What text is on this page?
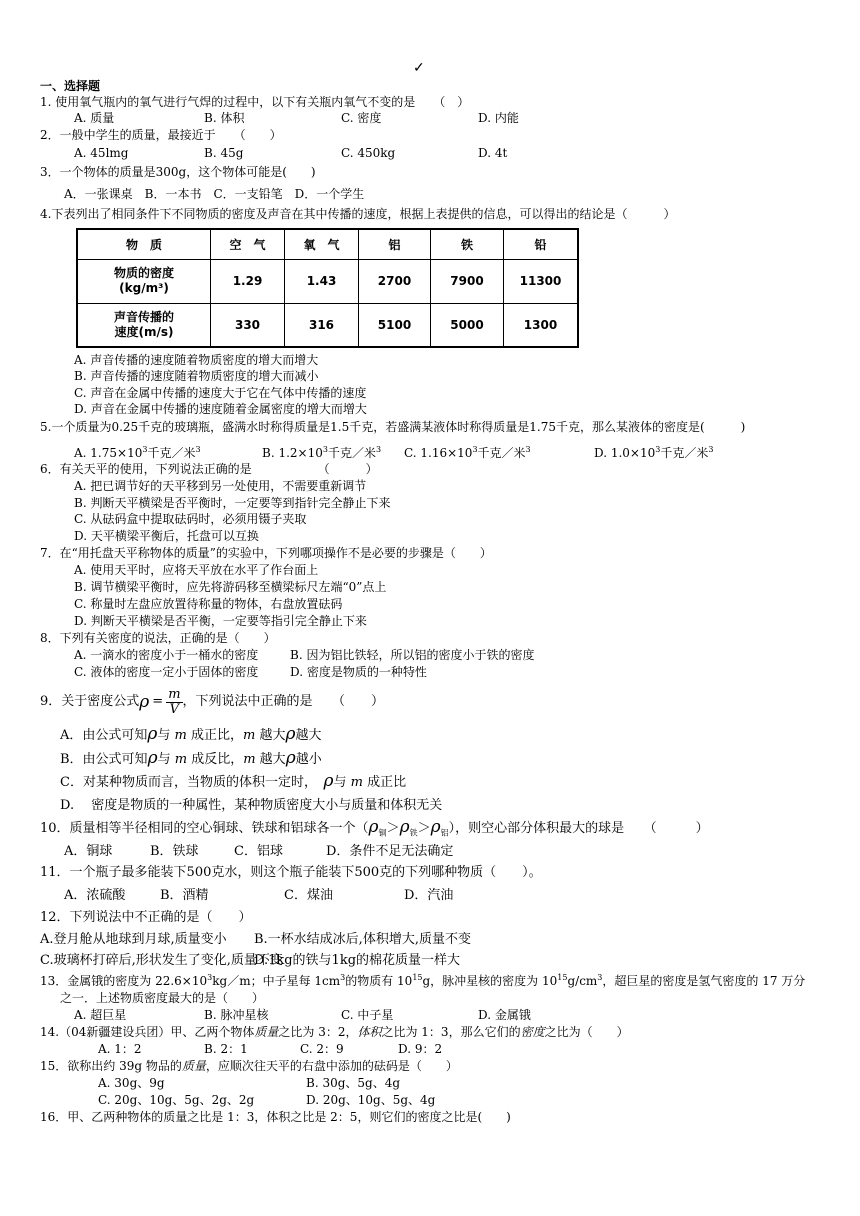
✓
一、选择题
1. 使用氧气瓶内的氧气进行气焊的过程中，以下有关瓶内氧气不变的是　　（　）
A. 质量	B. 体积	C. 密度	D. 内能
2．一般中学生的质量，最接近于　　（　　）
A. 45lmg	B. 45g	C. 450kg	D. 4t
3．一个物体的质量是300g，这个物体可能是(　　)
A．一张课桌　B．一本书　C．一支铅笔　D．一个学生
4.下表列出了相同条件下不同物质的密度及声音在其中传播的速度，根据上表提供的信息，可以得出的结论是（　　　）
物　质	空　气	氧　气	铝	铁	铅
物质的密度
(kg/m³)	1.29	1.43	2700	7900	11300
声音传播的
速度(m/s)	330	316	5100	5000	1300
A. 声音传播的速度随着物质密度的增大而增大
B. 声音传播的速度随着物质密度的增大而减小
C. 声音在金属中传播的速度大于它在气体中传播的速度
D. 声音在金属中传播的速度随着金属密度的增大而增大
5.一个质量为0.25千克的玻璃瓶，盛满水时称得质量是1.5千克，若盛满某液体时称得质量是1.75千克，那么某液体的密度是(　　　)
A. $1.75\times 10^3$千克／米$^3$	B. $1.2\times 10^3$千克／米$^3$ C. $1.16\times 10^3$千克／米$^3$	D. $1.0\times 10^3$千克／米$^3$
6．有关天平的使用，下列说法正确的是　　　　　　（　　　）
A. 把已调节好的天平移到另一处使用，不需要重新调节
B. 判断天平横梁是否平衡时，一定要等到指针完全静止下来
C. 从砝码盒中提取砝码时，必须用镊子夹取
D. 天平横梁平衡后，托盘可以互换
7．在“用托盘天平称物体的质量”的实验中，下列哪项操作不是必要的步骤是（　　）
A. 使用天平时，应将天平放在水平了作台面上
B. 调节横梁平衡时，应先将游码移至横梁标尺左端“0”点上
C. 称量时左盘应放置待称量的物体，右盘放置砝码
D. 判断天平横梁是否平衡，一定要等指引完全静止下来
8．下列有关密度的说法，正确的是（　　）
A. 一滴水的密度小于一桶水的密度	B. 因为铝比铁轻，所以铝的密度小于铁的密度
C. 液体的密度一定小于固体的密度	D. 密度是物质的一种特性
9．关于密度公式 $\rho = \frac{m}{V}$ ，下列说法中正确的是　　（　　）
A．由公式可知ρ与 m 成正比，m 越大ρ越大
B．由公式可知ρ与 m 成反比，m 越大ρ越小
C．对某种物质而言，当物质的体积一定时，　 ρ与 m 成正比
D.　 密度是物质的一种属性，某种物质密度大小与质量和体积无关
10．质量相等半径相同的空心铜球、铁球和铝球各一个$(\rho_铜>\rho_铁>\rho_铝)$，则空心部分体积最大的球是　　（　　　）
A．铜球	B．铁球	C．铝球	D．条件不足无法确定
11．一个瓶子最多能装下500克水，则这个瓶子能装下500克的下列哪种物质（　　）。
A．浓硫酸	B．酒精	C．煤油	D．汽油
12．下列说法中不正确的是（　　）
A.登月舱从地球到月球,质量变小 B.一杯水结成冰后,体积增大,质量不变
C.玻璃杯打碎后,形状发生了变化,质量不变
D.1kg的铁与1kg的棉花质量一样大
13．金属锇的密度为 $22.6\times 10^3kg/m$；中子星每 $1cm^3$的物质有 $10^{15}g$，脉冲星核的密度为 $10^{15}g/cm^3$，超巨星的密度是氢气密度的 17 万分
之一．上述物质密度最大的是（　　）
A. 超巨星	B. 脉冲星核	C. 中子星	D. 金属锇
14.（04新疆建设兵团）甲、乙两个物体质量之比为 3：2，体积之比为 1：3，那么它们的密度之比为（　　）
A. 1：2	B. 2：1	C. 2：9	D. 9：2
15．欲称出约 39g 物品的质量，应顺次往天平的右盘中添加的砝码是（　　）
A. 30g、9g	B. 30g、5g、4g
C. 20g、10g、5g、2g、2g	D. 20g、10g、5g、4g
16．甲、乙两种物体的质量之比是 1：3，体积之比是 2：5，则它们的密度之比是(　　)
